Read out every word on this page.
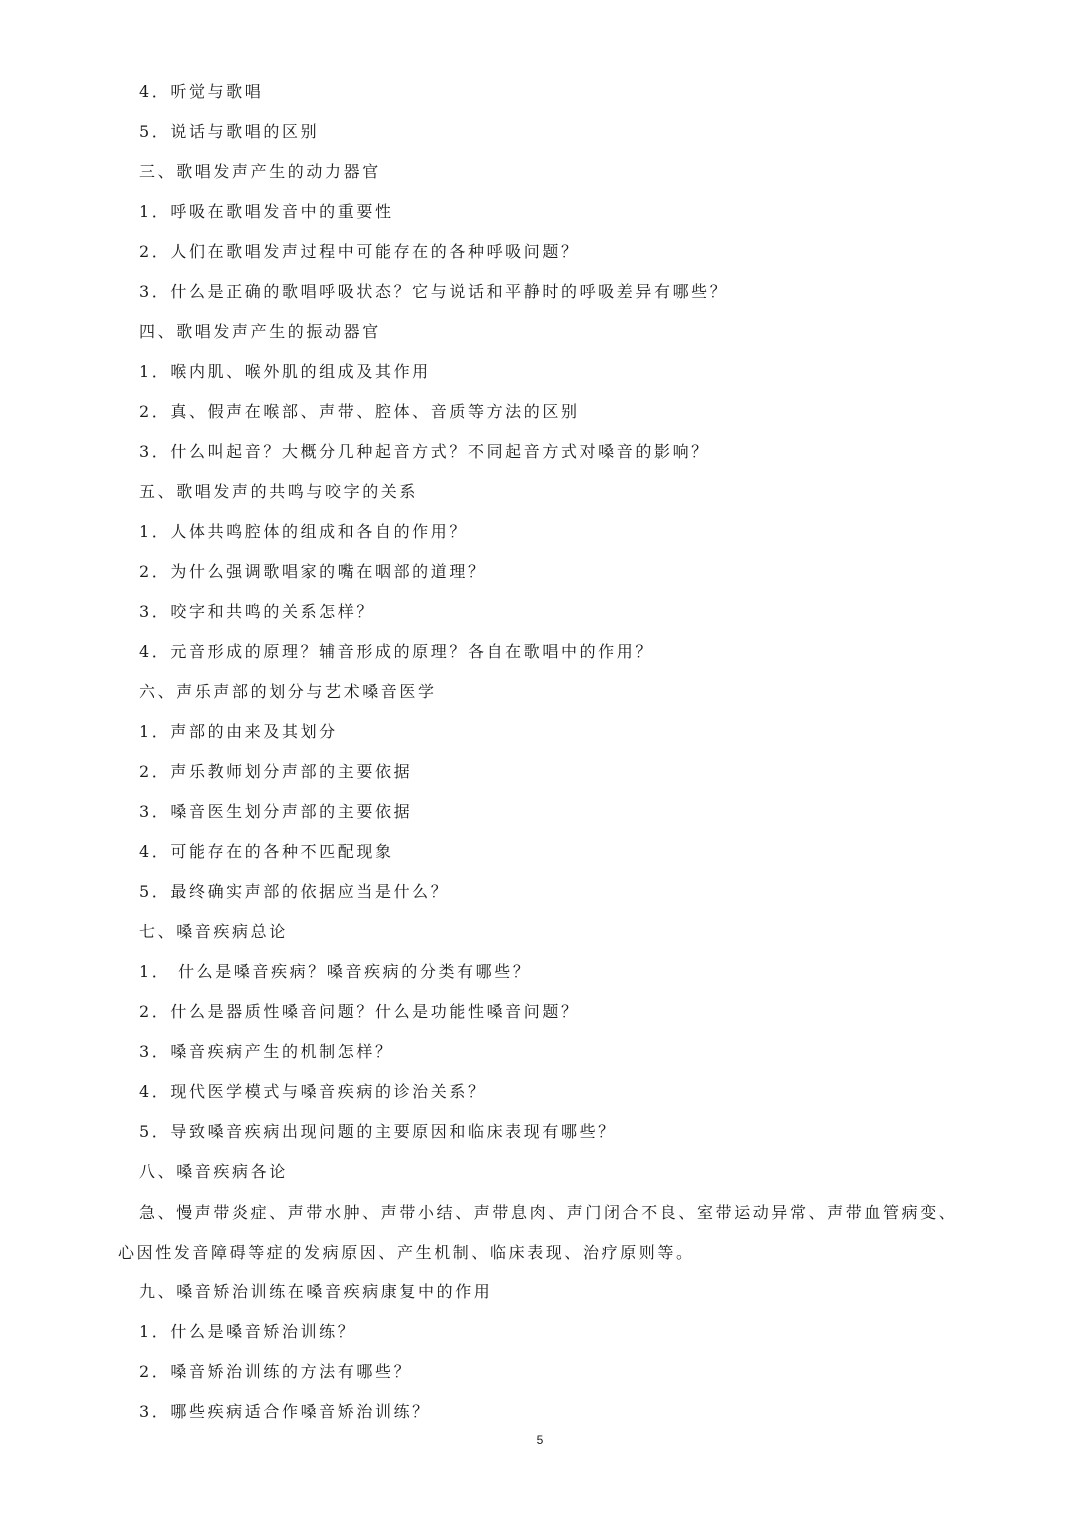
4．听觉与歌唱
5．说话与歌唱的区别
三、歌唱发声产生的动力器官
1．呼吸在歌唱发音中的重要性
2．人们在歌唱发声过程中可能存在的各种呼吸问题？
3．什么是正确的歌唱呼吸状态？它与说话和平静时的呼吸差异有哪些？
四、歌唱发声产生的振动器官
1．喉内肌、喉外肌的组成及其作用
2．真、假声在喉部、声带、腔体、音质等方法的区别
3．什么叫起音？大概分几种起音方式？不同起音方式对嗓音的影响？
五、歌唱发声的共鸣与咬字的关系
1．人体共鸣腔体的组成和各自的作用？
2．为什么强调歌唱家的嘴在咽部的道理？
3．咬字和共鸣的关系怎样？
4．元音形成的原理？辅音形成的原理？各自在歌唱中的作用？
六、声乐声部的划分与艺术嗓音医学
1．声部的由来及其划分
2．声乐教师划分声部的主要依据
3．嗓音医生划分声部的主要依据
4．可能存在的各种不匹配现象
5．最终确实声部的依据应当是什么？
七、嗓音疾病总论
1． 什么是嗓音疾病？嗓音疾病的分类有哪些？
2．什么是器质性嗓音问题？什么是功能性嗓音问题？
3．嗓音疾病产生的机制怎样？
4．现代医学模式与嗓音疾病的诊治关系？
5．导致嗓音疾病出现问题的主要原因和临床表现有哪些？
八、嗓音疾病各论
急、慢声带炎症、声带水肿、声带小结、声带息肉、声门闭合不良、室带运动异常、声带血管病变、心因性发音障碍等症的发病原因、产生机制、临床表现、治疗原则等。
九、嗓音矫治训练在嗓音疾病康复中的作用
1．什么是嗓音矫治训练？
2．嗓音矫治训练的方法有哪些？
3．哪些疾病适合作嗓音矫治训练？
5
